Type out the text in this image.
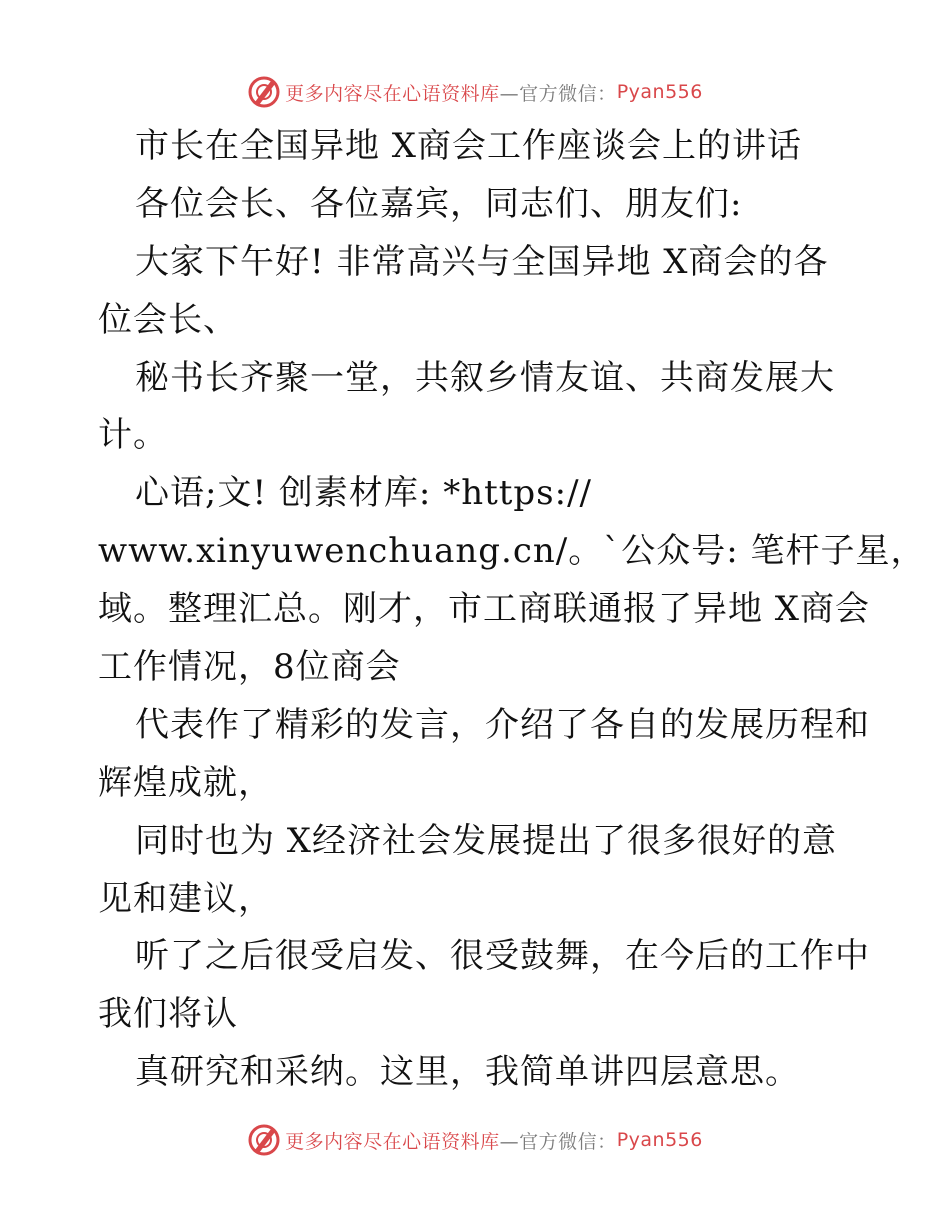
更多内容尽在心语资料库 —官方微信： Pyan556
市长在全国异地 X商会工作座谈会上的讲话
各位会长、各位嘉宾，同志们、朋友们:
大家下午好! 非常高兴与全国异地 X商会的各
位会长、
秘书长齐聚一堂，共叙乡情友谊、共商发展大
计。
心语;文! 创素材库: *https://
www.xinyuwenchuang.cn/。`公众号: 笔杆子星，
域。整理汇总。刚才，市工商联通报了异地 X商会
工作情况，8位商会
代表作了精彩的发言，介绍了各自的发展历程和
辉煌成就，
同时也为 X经济社会发展提出了很多很好的意
见和建议，
听了之后很受启发、很受鼓舞，在今后的工作中
我们将认
真研究和采纳。这里，我简单讲四层意思。
更多内容尽在心语资料库 —官方微信： Pyan556
